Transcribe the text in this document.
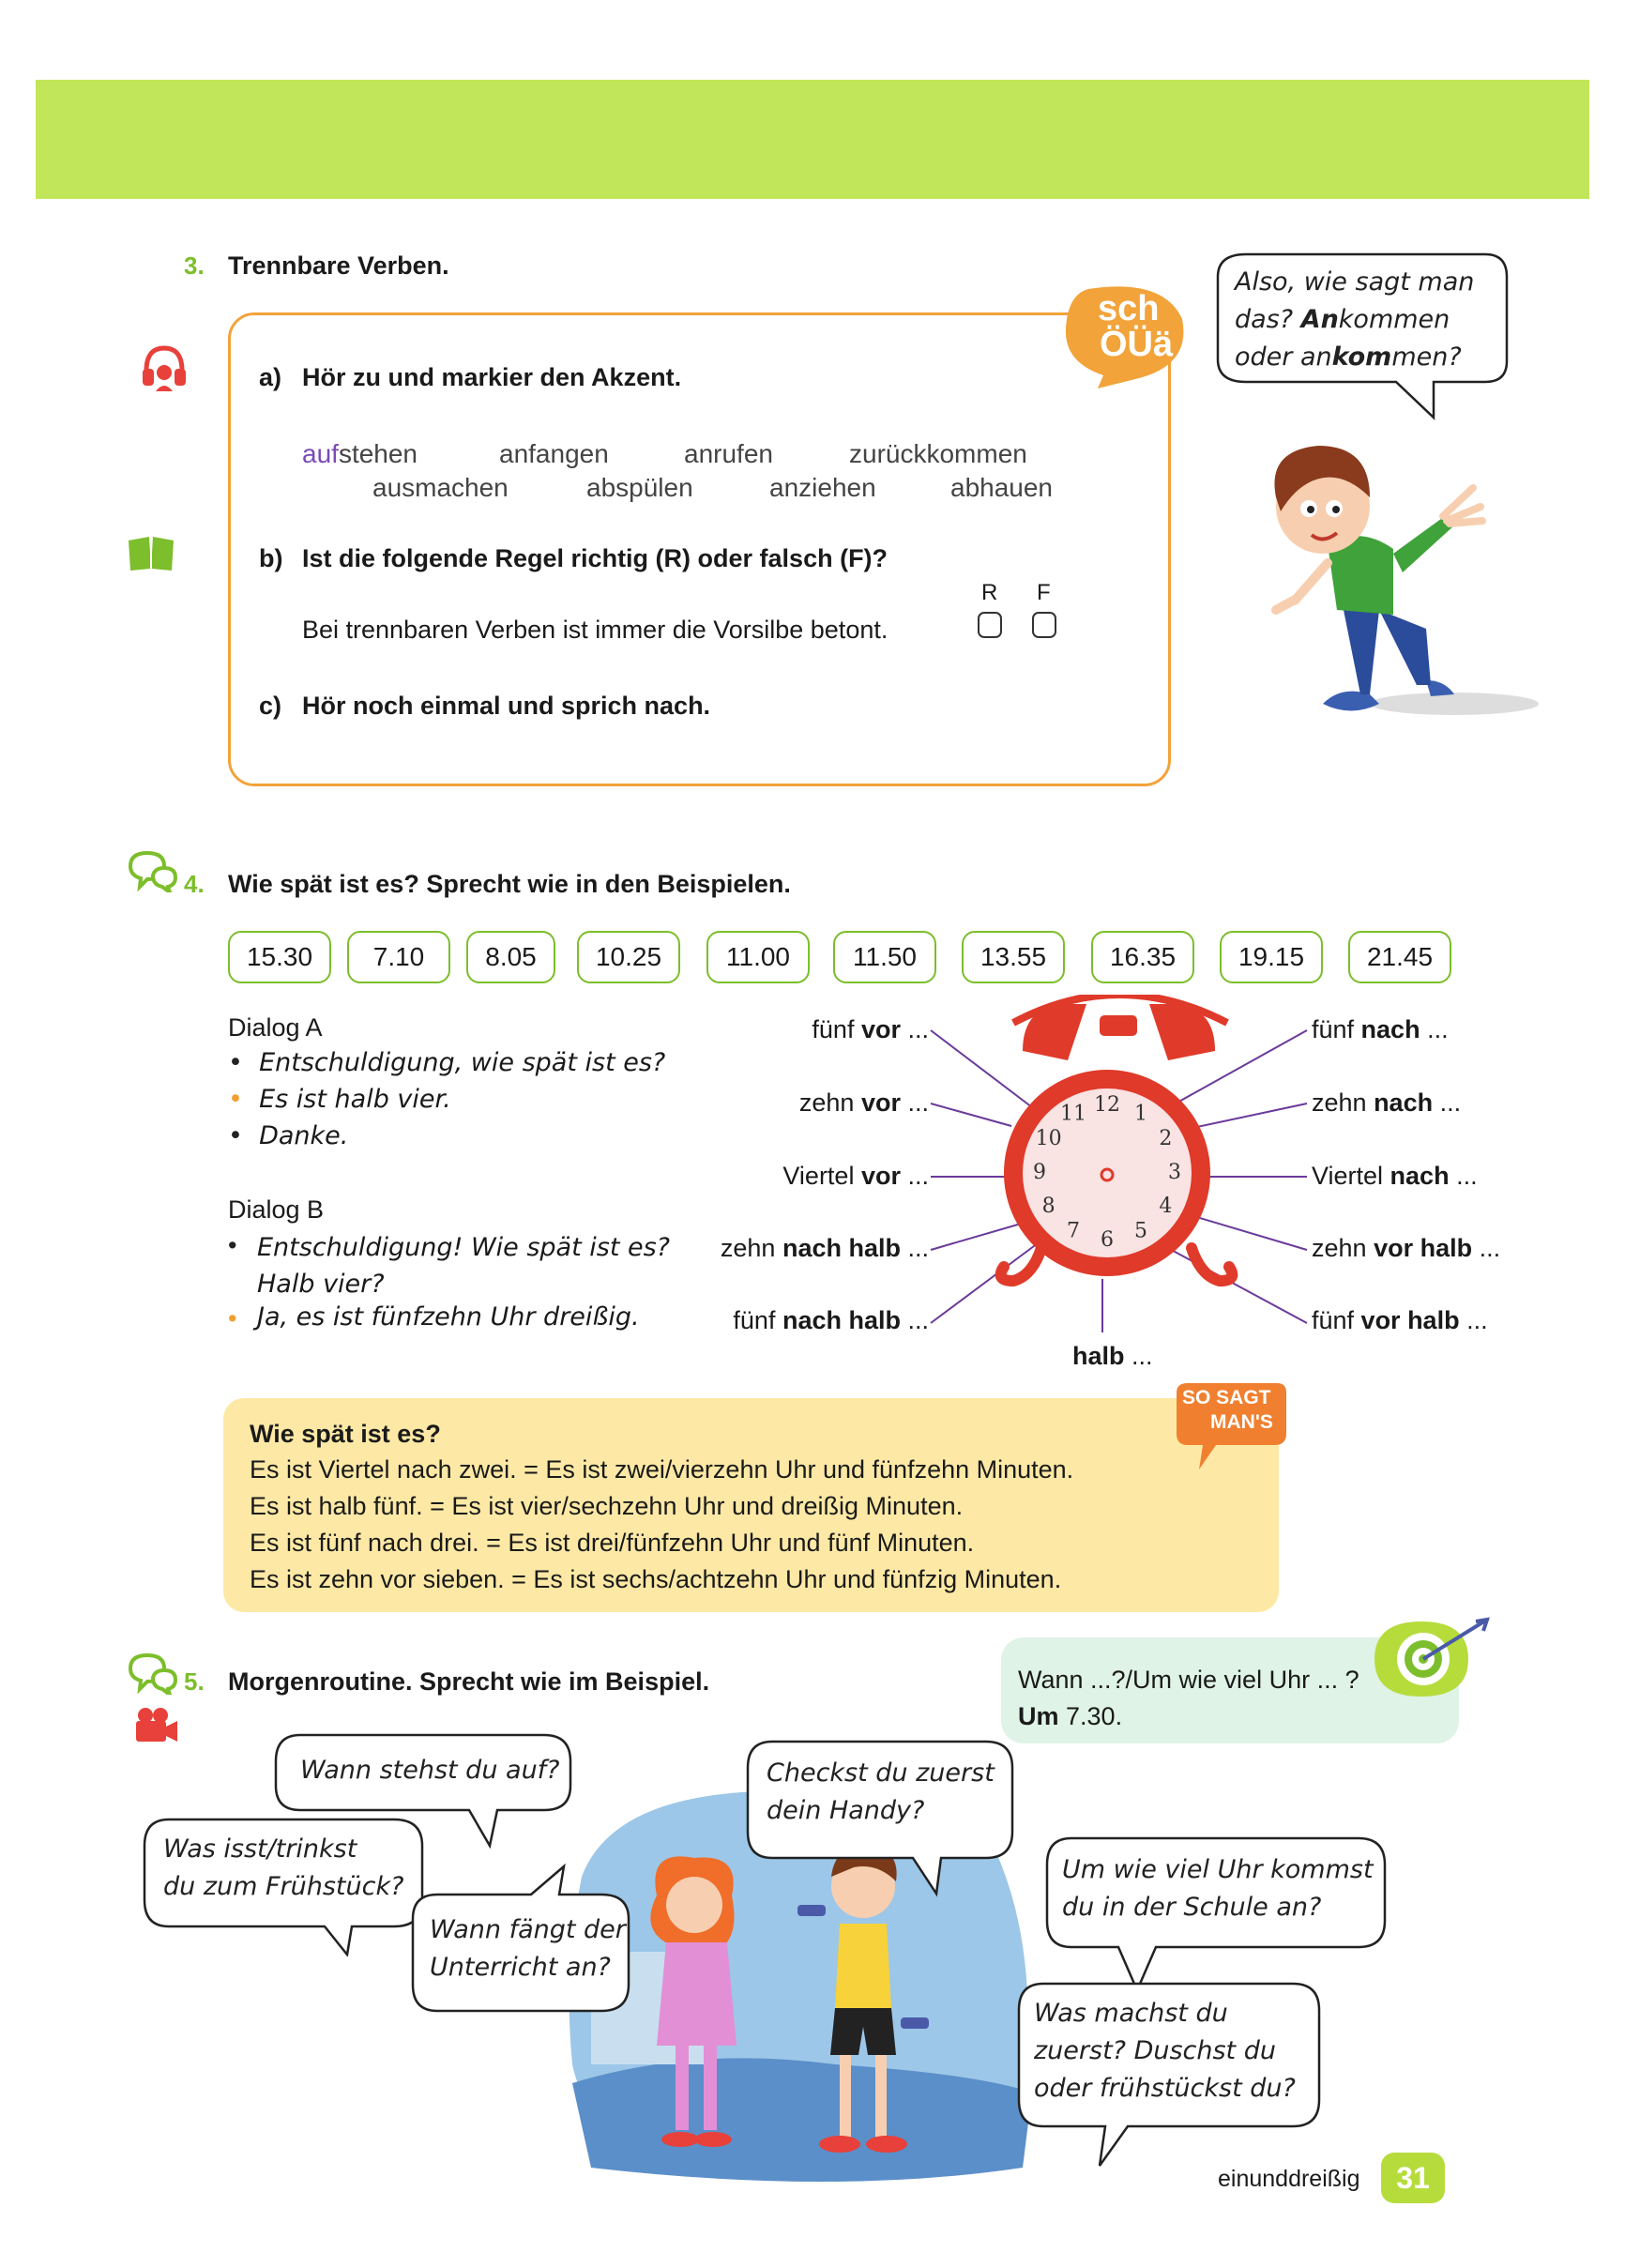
3. Trennbare Verben.
sch
ÖÜä
a) Hör zu und markier den Akzent.
aufstehen	anfangen	anrufen	zurückkommen
ausmachen	abspülen	anziehen	abhauen
b) Ist die folgende Regel richtig (R) oder falsch (F)?
R F
Bei trennbaren Verben ist immer die Vorsilbe betont.
c) Hör noch einmal und sprich nach.
Also, wie sagt man
das? Ankommen
oder ankommen?
4. Wie spät ist es? Sprecht wie in den Beispielen.
15.30	7.10	8.05	10.25	11.00	11.50	13.55	16.35	19.15	21.45
Dialog A
•  Entschuldigung, wie spät ist es?
•  Es ist halb vier.
•  Danke.
Dialog B
• Entschuldigung! Wie spät ist es? Halb vier?
• Ja, es ist fünfzehn Uhr dreißig.
fünf vor ...
zehn vor ...
Viertel vor ...
zehn nach halb ...
fünf nach halb ...
fünf nach ...
zehn nach ...
Viertel nach ...
zehn vor halb ...
fünf vor halb ...
halb ...
12 1
2
3
4
5
6
7
8
9
10
11
Wie spät ist es?
Es ist Viertel nach zwei. = Es ist zwei/vierzehn Uhr und fünfzehn Minuten.
Es ist halb fünf. = Es ist vier/sechzehn Uhr und dreißig Minuten.
Es ist fünf nach drei. = Es ist drei/fünfzehn Uhr und fünf Minuten.
Es ist zehn vor sieben. = Es ist sechs/achtzehn Uhr und fünfzig Minuten.
SO SAGT
MAN'S
5. Morgenroutine. Sprecht wie im Beispiel.	Wann ...?/Um wie viel Uhr ... ?
Um 7.30.
Wann stehst du auf?
Was isst/trinkst
du zum Frühstück?
Wann fängt der
Unterricht an?
Checkst du zuerst
dein Handy?
Um wie viel Uhr kommst
du in der Schule an?
Was machst du
zuerst? Duschst du
oder frühstückst du?
einunddreißig	31
